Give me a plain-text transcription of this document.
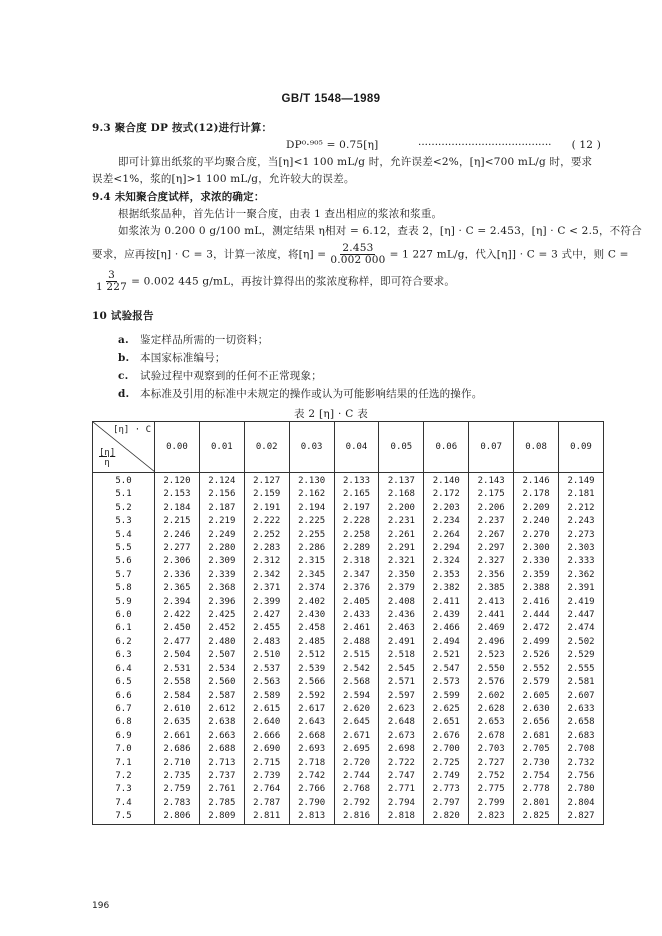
GB/T 1548—1989
9.3 聚合度 DP 按式(12)进行计算：
DP⁰·⁹⁰⁵ = 0.75[η]	········································ ( 12 )
即可计算出纸浆的平均聚合度，当[η]<1 100 mL/g 时，允许误差<2%，[η]<700 mL/g 时，要求
误差<1%，浆的[η]>1 100 mL/g，允许较大的误差。
9.4 未知聚合度试样，求浓的确定：
根据纸浆品种，首先估计一聚合度，由表 1 查出相应的浆浓和浆重。
如浆浓为 0.200 0 g/100 mL，测定结果 η相对 = 6.12，查表 2，[η] · C = 2.453，[η] · C < 2.5，不符合
要求，应再按[η] · C = 3，计算一浓度，将$[\eta] = \frac{2.453}{0.002 000} = 1$ 227 mL/g，代入[η]] · C = 3 式中，则 C =
$\frac{3}{1 227} = 0.002$ 445 g/mL，再按计算得出的浆浓度称样，即可符合要求。
10 试验报告
a. 鉴定样品所需的一切资料；
b. 本国家标准编号；
c. 试验过程中观察到的任何不正常现象；
d. 本标准及引用的标准中未规定的操作或认为可能影响结果的任选的操作。
表 2 [η] · C 表
[η] · C
[η]
η	0.00	0.01	0.02	0.03	0.04	0.05	0.06	0.07	0.08	0.09
5.0	2.120	2.124	2.127	2.130	2.133	2.137	2.140	2.143	2.146	2.149
5.1	2.153	2.156	2.159	2.162	2.165	2.168	2.172	2.175	2.178	2.181
5.2	2.184	2.187	2.191	2.194	2.197	2.200	2.203	2.206	2.209	2.212
5.3	2.215	2.219	2.222	2.225	2.228	2.231	2.234	2.237	2.240	2.243
5.4	2.246	2.249	2.252	2.255	2.258	2.261	2.264	2.267	2.270	2.273
5.5	2.277	2.280	2.283	2.286	2.289	2.291	2.294	2.297	2.300	2.303
5.6	2.306	2.309	2.312	2.315	2.318	2.321	2.324	2.327	2.330	2.333
5.7	2.336	2.339	2.342	2.345	2.347	2.350	2.353	2.356	2.359	2.362
5.8	2.365	2.368	2.371	2.374	2.376	2.379	2.382	2.385	2.388	2.391
5.9	2.394	2.396	2.399	2.402	2.405	2.408	2.411	2.413	2.416	2.419
6.0	2.422	2.425	2.427	2.430	2.433	2.436	2.439	2.441	2.444	2.447
6.1	2.450	2.452	2.455	2.458	2.461	2.463	2.466	2.469	2.472	2.474
6.2	2.477	2.480	2.483	2.485	2.488	2.491	2.494	2.496	2.499	2.502
6.3	2.504	2.507	2.510	2.512	2.515	2.518	2.521	2.523	2.526	2.529
6.4	2.531	2.534	2.537	2.539	2.542	2.545	2.547	2.550	2.552	2.555
6.5	2.558	2.560	2.563	2.566	2.568	2.571	2.573	2.576	2.579	2.581
6.6	2.584	2.587	2.589	2.592	2.594	2.597	2.599	2.602	2.605	2.607
6.7	2.610	2.612	2.615	2.617	2.620	2.623	2.625	2.628	2.630	2.633
6.8	2.635	2.638	2.640	2.643	2.645	2.648	2.651	2.653	2.656	2.658
6.9	2.661	2.663	2.666	2.668	2.671	2.673	2.676	2.678	2.681	2.683
7.0	2.686	2.688	2.690	2.693	2.695	2.698	2.700	2.703	2.705	2.708
7.1	2.710	2.713	2.715	2.718	2.720	2.722	2.725	2.727	2.730	2.732
7.2	2.735	2.737	2.739	2.742	2.744	2.747	2.749	2.752	2.754	2.756
7.3	2.759	2.761	2.764	2.766	2.768	2.771	2.773	2.775	2.778	2.780
7.4	2.783	2.785	2.787	2.790	2.792	2.794	2.797	2.799	2.801	2.804
7.5	2.806	2.809	2.811	2.813	2.816	2.818	2.820	2.823	2.825	2.827
196
